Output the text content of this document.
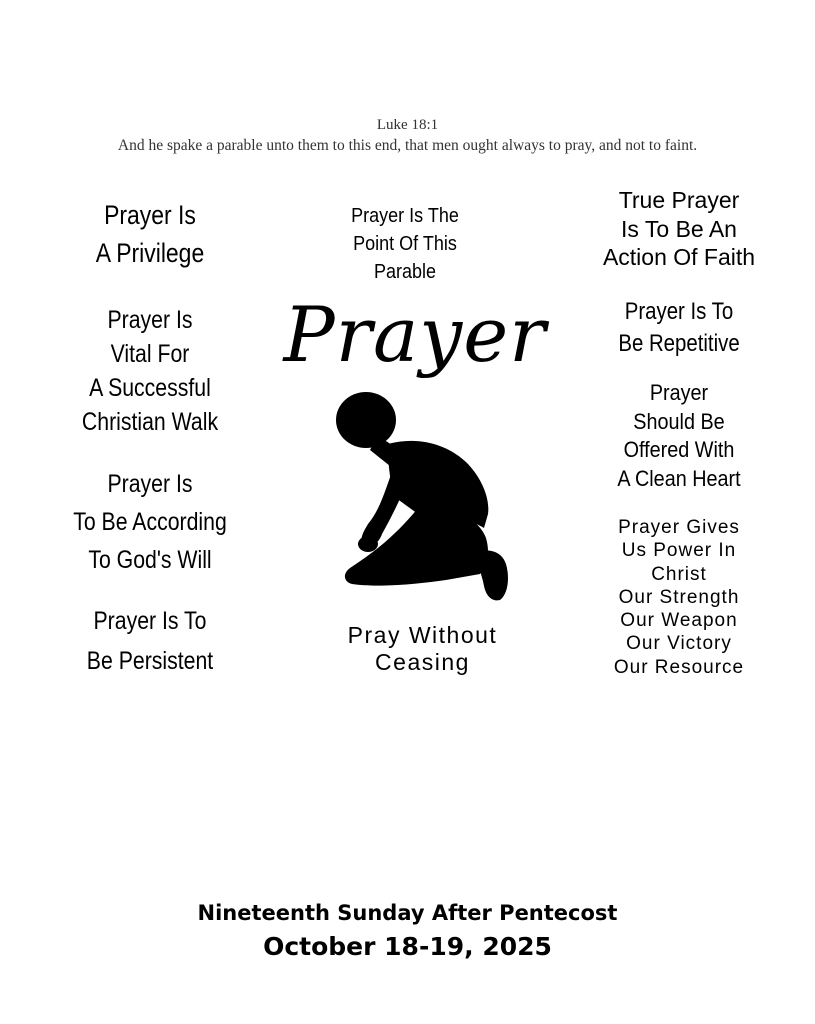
Luke 18:1
And he spake a parable unto them to this end, that men ought always to pray, and not to faint.
Prayer Is
A Privilege
Prayer Is
Vital For
A Successful
Christian Walk
Prayer Is
To Be According
To God's Will
Prayer Is To
Be Persistent
Prayer Is The
Point Of This
Parable
Prayer
Pray Without
Ceasing
True Prayer
Is To Be An
Action Of Faith
Prayer Is To
Be Repetitive
Prayer
Should Be
Offered With
A Clean Heart
Prayer Gives
Us Power In
Christ
Our Strength
Our Weapon
Our Victory
Our Resource
Nineteenth Sunday After Pentecost
October 18-19, 2025
